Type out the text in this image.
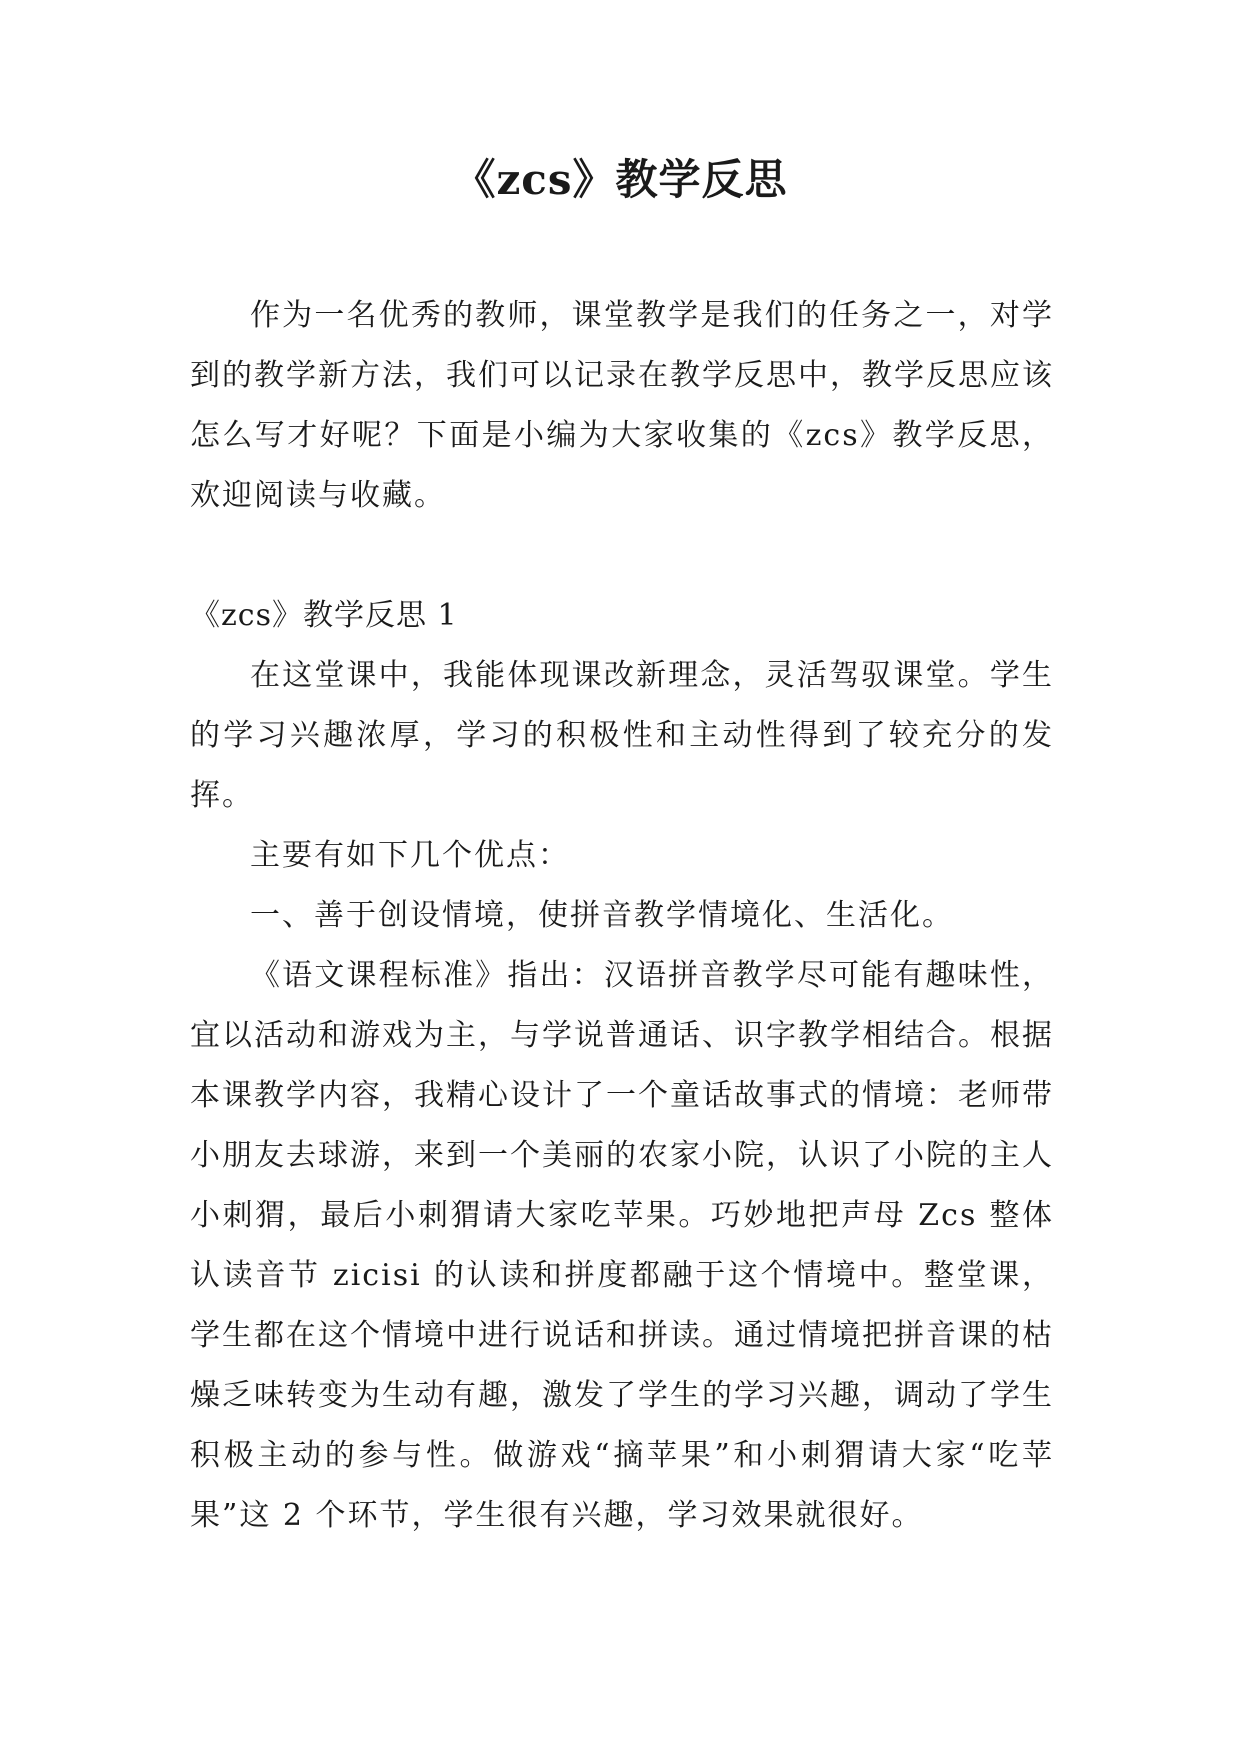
《zcs》教学反思

作为一名优秀的教师，课堂教学是我们的任务之一，对学到的教学新方法，我们可以记录在教学反思中，教学反思应该怎么写才好呢？下面是小编为大家收集的《zcs》教学反思，欢迎阅读与收藏。

《zcs》教学反思 1

在这堂课中，我能体现课改新理念，灵活驾驭课堂。学生的学习兴趣浓厚，学习的积极性和主动性得到了较充分的发挥。

主要有如下几个优点：

一、善于创设情境，使拼音教学情境化、生活化。

《语文课程标准》指出：汉语拼音教学尽可能有趣味性，宜以活动和游戏为主，与学说普通话、识字教学相结合。根据本课教学内容，我精心设计了一个童话故事式的情境：老师带小朋友去球游，来到一个美丽的农家小院，认识了小院的主人小刺猬，最后小刺猬请大家吃苹果。巧妙地把声母 Zcs 整体认读音节 zicisi 的认读和拼度都融于这个情境中。整堂课，学生都在这个情境中进行说话和拼读。通过情境把拼音课的枯燥乏味转变为生动有趣，激发了学生的学习兴趣，调动了学生积极主动的参与性。做游戏“摘苹果”和小刺猬请大家“吃苹果”这 2 个环节，学生很有兴趣，学习效果就很好。
